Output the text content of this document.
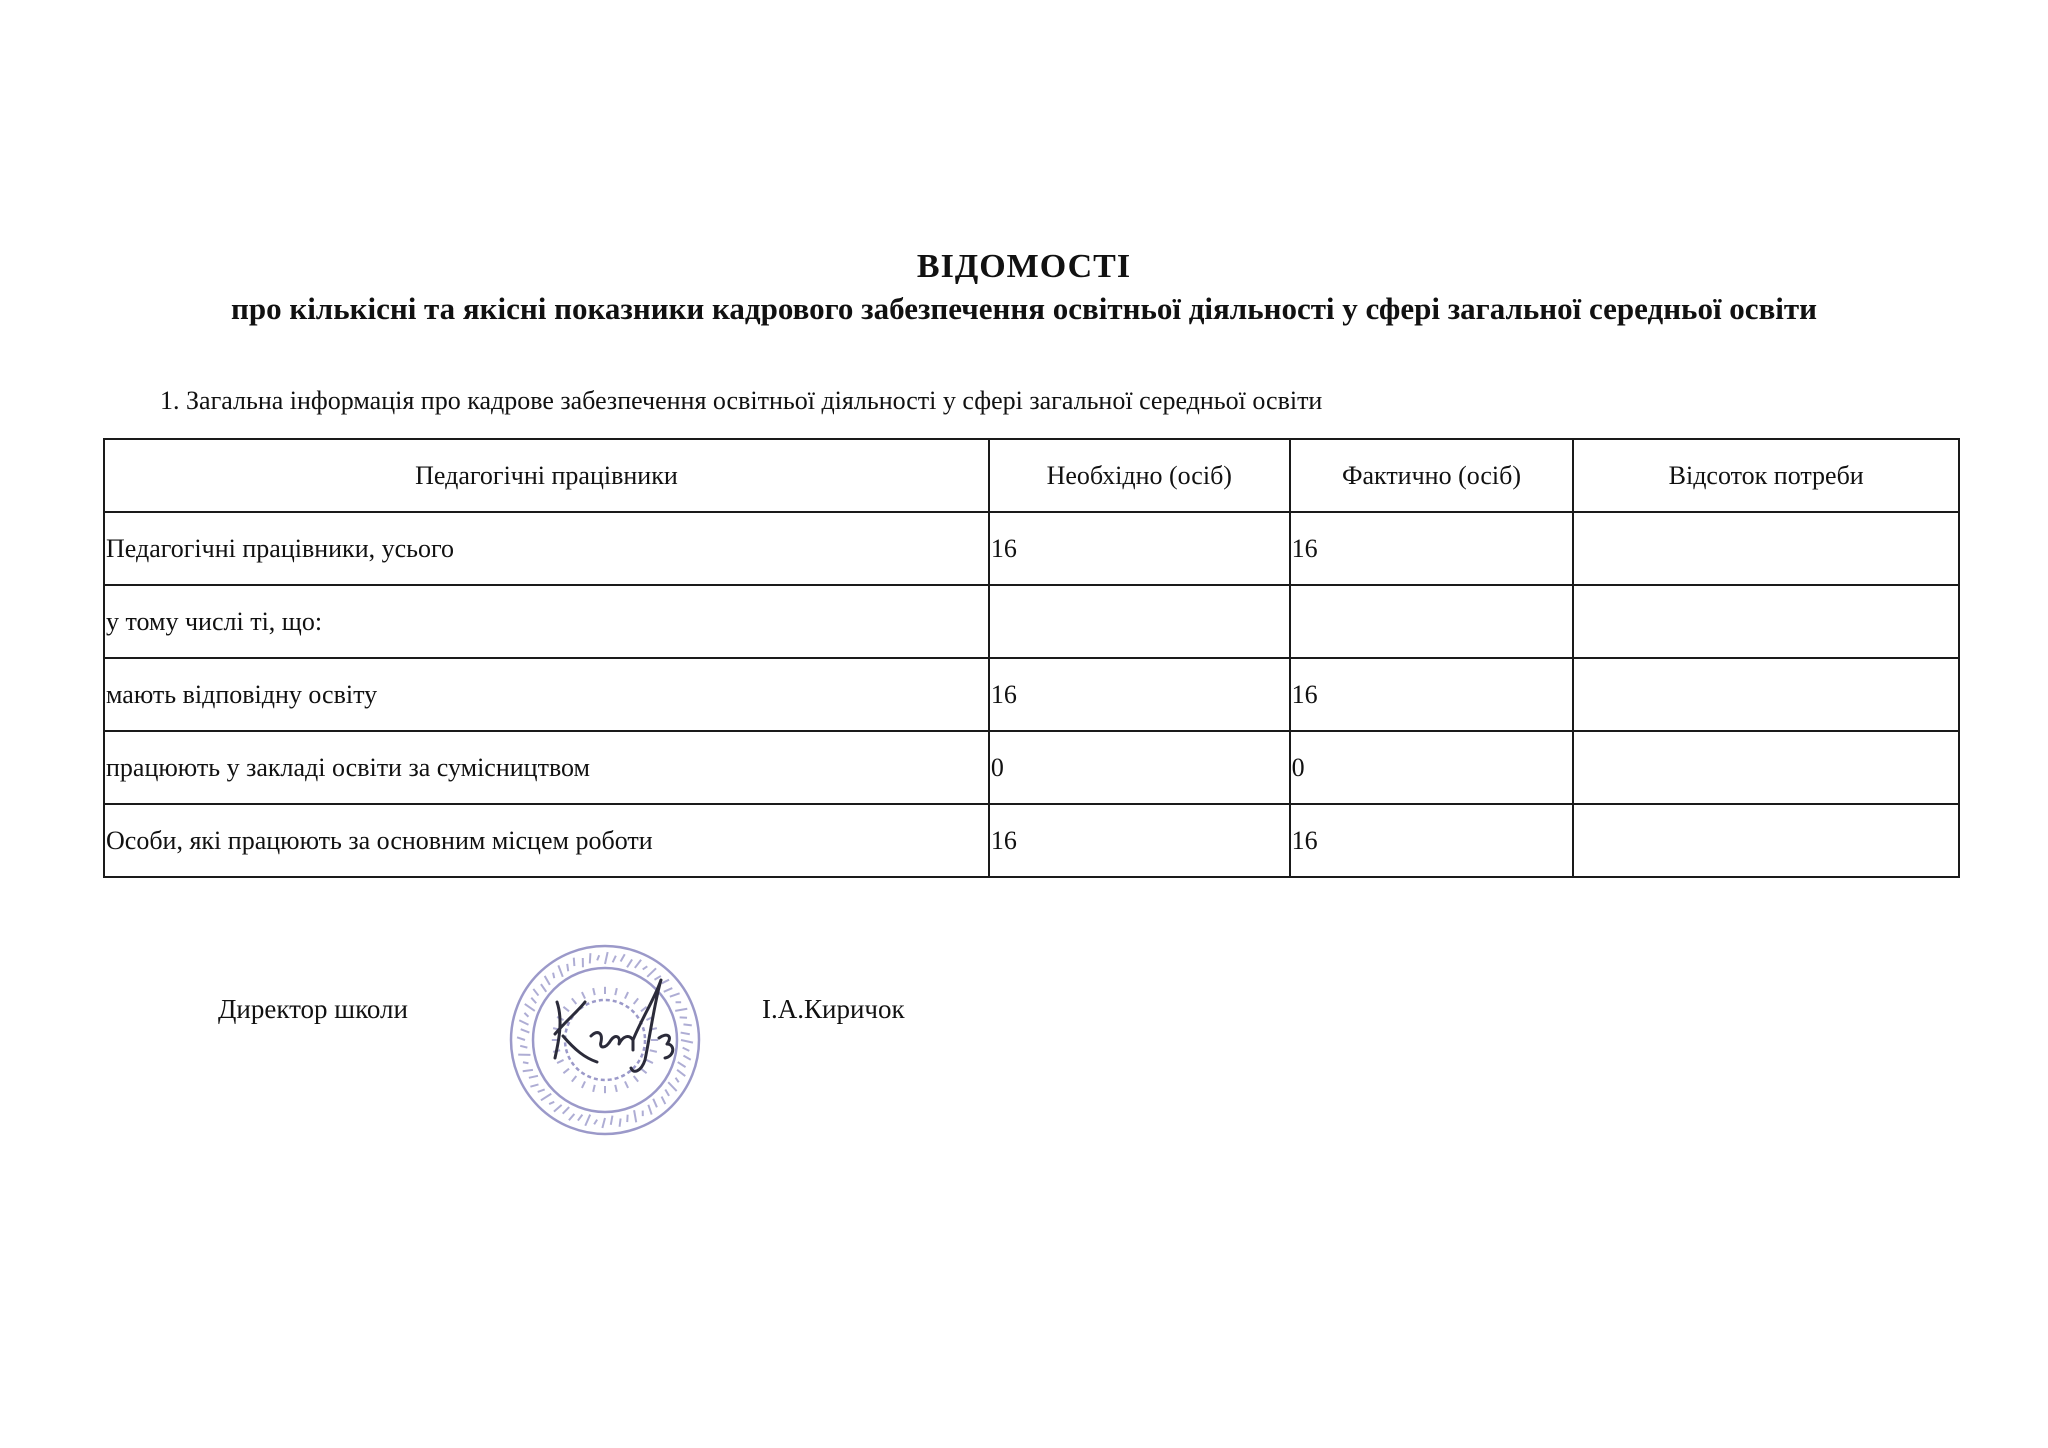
ВІДОМОСТІ
про кількісні та якісні показники кадрового забезпечення освітньої діяльності у сфері загальної середньої освіти

1. Загальна інформація про кадрове забезпечення освітньої діяльності у сфері загальної середньої освіти

Педагогічні працівники	Необхідно (осіб)	Фактично (осіб)	Відсоток потреби
Педагогічні працівники, усього	16	16	
у тому числі ті, що:			
мають відповідну освіту	16	16	
працюють у закладі освіти за сумісництвом	0	0	
Особи, які працюють за основним місцем роботи	16	16	
Директор школи	І.А.Киричок
